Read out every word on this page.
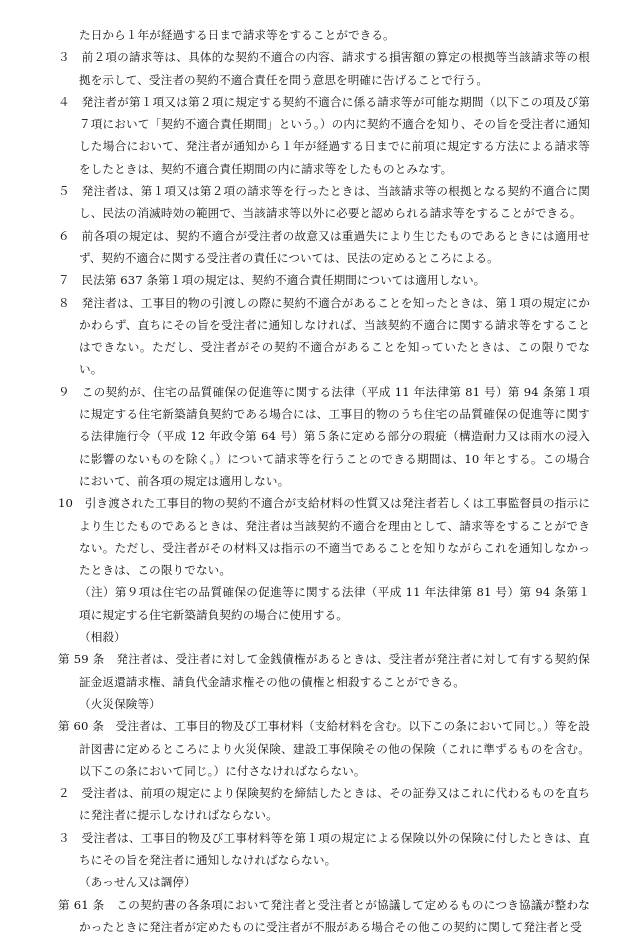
た日から１年が経過する日まで請求等をすることができる。

３　前２項の請求等は、具体的な契約不適合の内容、請求する損害額の算定の根拠等当該請求等の根拠を示して、受注者の契約不適合責任を問う意思を明確に告げることで行う。

４　発注者が第１項又は第２項に規定する契約不適合に係る請求等が可能な期間（以下この項及び第７項において「契約不適合責任期間」という。）の内に契約不適合を知り、その旨を受注者に通知した場合において、発注者が通知から１年が経過する日までに前項に規定する方法による請求等をしたときは、契約不適合責任期間の内に請求等をしたものとみなす。

５　発注者は、第１項又は第２項の請求等を行ったときは、当該請求等の根拠となる契約不適合に関し、民法の消滅時効の範囲で、当該請求等以外に必要と認められる請求等をすることができる。

６　前各項の規定は、契約不適合が受注者の故意又は重過失により生じたものであるときには適用せず、契約不適合に関する受注者の責任については、民法の定めるところによる。

７　民法第 637 条第１項の規定は、契約不適合責任期間については適用しない。

８　発注者は、工事目的物の引渡しの際に契約不適合があることを知ったときは、第１項の規定にかかわらず、直ちにその旨を受注者に通知しなければ、当該契約不適合に関する請求等をすることはできない。ただし、受注者がその契約不適合があることを知っていたときは、この限りでない。

９　この契約が、住宅の品質確保の促進等に関する法律（平成 11 年法律第 81 号）第 94 条第１項に規定する住宅新築請負契約である場合には、工事目的物のうち住宅の品質確保の促進等に関する法律施行令（平成 12 年政令第 64 号）第５条に定める部分の瑕疵（構造耐力又は雨水の浸入に影響のないものを除く。）について請求等を行うことのできる期間は、10 年とする。この場合において、前各項の規定は適用しない。

10　引き渡された工事目的物の契約不適合が支給材料の性質又は発注者若しくは工事監督員の指示により生じたものであるときは、発注者は当該契約不適合を理由として、請求等をすることができない。ただし、受注者がその材料又は指示の不適当であることを知りながらこれを通知しなかったときは、この限りでない。

（注）第９項は住宅の品質確保の促進等に関する法律（平成 11 年法律第 81 号）第 94 条第１項に規定する住宅新築請負契約の場合に使用する。

（相殺）

第 59 条　発注者は、受注者に対して金銭債権があるときは、受注者が発注者に対して有する契約保証金返還請求権、請負代金請求権その他の債権と相殺することができる。

（火災保険等）

第 60 条　受注者は、工事目的物及び工事材料（支給材料を含む。以下この条において同じ。）等を設計図書に定めるところにより火災保険、建設工事保険その他の保険（これに準ずるものを含む。以下この条において同じ。）に付さなければならない。

２　受注者は、前項の規定により保険契約を締結したときは、その証券又はこれに代わるものを直ちに発注者に提示しなければならない。

３　受注者は、工事目的物及び工事材料等を第１項の規定による保険以外の保険に付したときは、直ちにその旨を発注者に通知しなければならない。

（あっせん又は調停）

第 61 条　この契約書の各条項において発注者と受注者とが協議して定めるものにつき協議が整わなかったときに発注者が定めたものに受注者が不服がある場合その他この契約に関して発注者と受
